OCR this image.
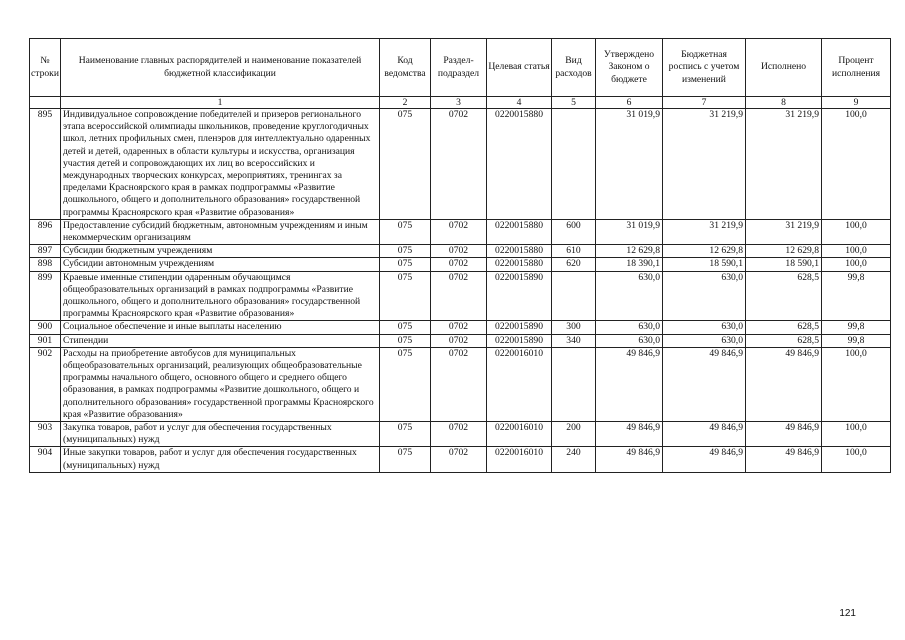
№ строки	Наименование главных распорядителей и наименование показателей бюджетной классификации	Код ведомства	Раздел-подраздел	Целевая статья	Вид расходов	Утверждено Законом о бюджете	Бюджетная роспись с учетом изменений	Исполнено	Процент исполнения
	1	2	3	4	5	6	7	8	9
895	Индивидуальное сопровождение победителей и призеров регионального этапа всероссийской олимпиады школьников, проведение круглогодичных школ, летних профильных смен, пленэров для интеллектуально одаренных детей и детей, одаренных в области культуры и искусства, организация участия детей и сопровождающих их лиц во всероссийских и международных творческих конкурсах, мероприятиях, тренингах за пределами Красноярского края в рамках подпрограммы «Развитие дошкольного, общего и дополнительного образования» государственной программы Красноярского края «Развитие образования»	075	0702	0220015880		31 019,9	31 219,9	31 219,9	100,0
896	Предоставление субсидий бюджетным, автономным учреждениям и иным некоммерческим организациям	075	0702	0220015880	600	31 019,9	31 219,9	31 219,9	100,0
897	Субсидии бюджетным учреждениям	075	0702	0220015880	610	12 629,8	12 629,8	12 629,8	100,0
898	Субсидии автономным учреждениям	075	0702	0220015880	620	18 390,1	18 590,1	18 590,1	100,0
899	Краевые именные стипендии одаренным обучающимся общеобразовательных организаций в рамках подпрограммы «Развитие дошкольного, общего и дополнительного образования» государственной программы Красноярского края «Развитие образования»	075	0702	0220015890		630,0	630,0	628,5	99,8
900	Социальное обеспечение и иные выплаты населению	075	0702	0220015890	300	630,0	630,0	628,5	99,8
901	Стипендии	075	0702	0220015890	340	630,0	630,0	628,5	99,8
902	Расходы на приобретение автобусов для муниципальных общеобразовательных организаций, реализующих общеобразовательные программы начального общего, основного общего и среднего общего образования, в рамках подпрограммы «Развитие дошкольного, общего и дополнительного образования» государственной программы Красноярского края «Развитие образования»	075	0702	0220016010		49 846,9	49 846,9	49 846,9	100,0
903	Закупка товаров, работ и услуг для обеспечения государственных (муниципальных) нужд	075	0702	0220016010	200	49 846,9	49 846,9	49 846,9	100,0
904	Иные закупки товаров, работ и услуг для обеспечения государственных (муниципальных) нужд	075	0702	0220016010	240	49 846,9	49 846,9	49 846,9	100,0
121
